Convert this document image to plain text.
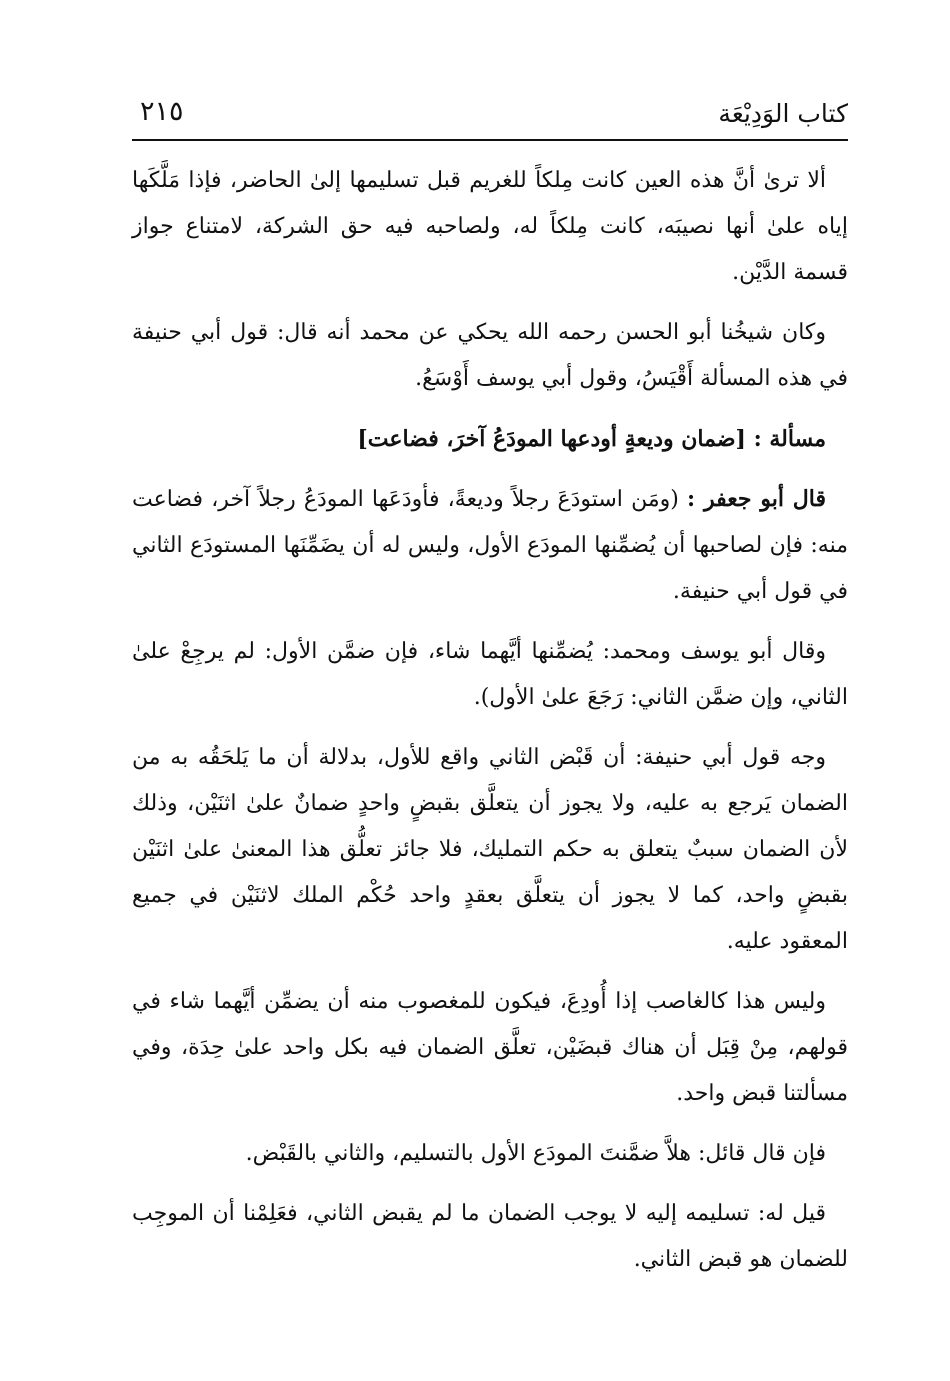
كتاب الوَدِيْعَة
٢١٥

ألا ترىٰ أنَّ هذه العين كانت مِلكاً للغريم قبل تسليمها إلىٰ الحاضر، فإذا مَلَّكَها إياه علىٰ أنها نصيبَه، كانت مِلكاً له، ولصاحبه فيه حق الشركة، لامتناع جواز قسمة الدَّيْن.

وكان شيخُنا أبو الحسن رحمه الله يحكي عن محمد أنه قال: قول أبي حنيفة في هذه المسألة أَقْيَسُ، وقول أبي يوسف أَوْسَعُ.

مسألة : [ضمان وديعةٍ أودعها المودَعُ آخرَ، فضاعت]

قال أبو جعفر : (ومَن استودَعَ رجلاً وديعةً، فأودَعَها المودَعُ رجلاً آخر، فضاعت منه: فإن لصاحبها أن يُضمِّنها المودَع الأول، وليس له أن يضَمِّنَها المستودَع الثاني في قول أبي حنيفة.

وقال أبو يوسف ومحمد: يُضمِّنها أيَّهما شاء، فإن ضمَّن الأول: لم يرجِعْ علىٰ الثاني، وإن ضمَّن الثاني: رَجَعَ علىٰ الأول).

وجه قول أبي حنيفة: أن قَبْض الثاني واقع للأول، بدلالة أن ما يَلحَقُه به من الضمان يَرجع به عليه، ولا يجوز أن يتعلَّق بقبضٍ واحدٍ ضمانٌ علىٰ اثنَيْن، وذلك لأن الضمان سببٌ يتعلق به حكم التمليك، فلا جائز تعلُّق هذا المعنىٰ علىٰ اثنَيْن بقبضٍ واحد، كما لا يجوز أن يتعلَّق بعقدٍ واحد حُكْم الملك لاثنَيْن في جميع المعقود عليه.

وليس هذا كالغاصب إذا أُودِعَ، فيكون للمغصوب منه أن يضمِّن أيَّهما شاء في قولهم، مِنْ قِبَل أن هناك قبضَيْن، تعلَّق الضمان فيه بكل واحد علىٰ حِدَة، وفي مسألتنا قبض واحد.

فإن قال قائل: هلاَّ ضمَّنتَ المودَع الأول بالتسليم، والثاني بالقَبْض.

قيل له: تسليمه إليه لا يوجب الضمان ما لم يقبض الثاني، فعَلِمْنا أن الموجِب للضمان هو قبض الثاني.
